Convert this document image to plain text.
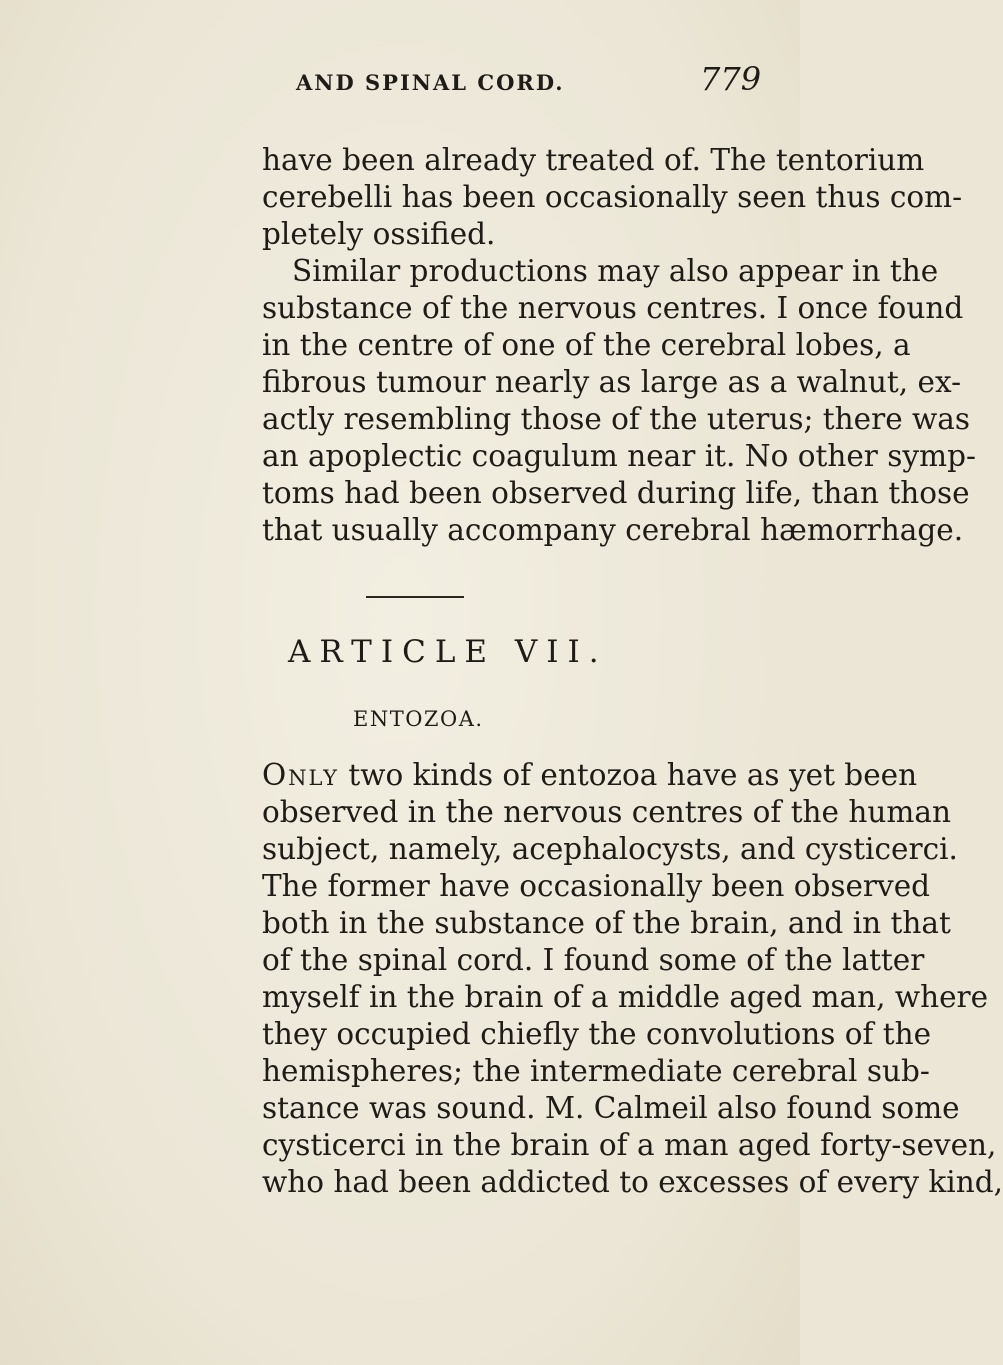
AND SPINAL CORD.	779
have been already treated of. The tentorium
cerebelli has been occasionally seen thus com-
pletely ossified.
Similar productions may also appear in the
substance of the nervous centres. I once found
in the centre of one of the cerebral lobes, a
fibrous tumour nearly as large as a walnut, ex-
actly resembling those of the uterus; there was
an apoplectic coagulum near it. No other symp-
toms had been observed during life, than those
that usually accompany cerebral hæmorrhage.
ARTICLE VII.
ENTOZOA.
Only two kinds of entozoa have as yet been
observed in the nervous centres of the human
subject, namely, acephalocysts, and cysticerci.
The former have occasionally been observed
both in the substance of the brain, and in that
of the spinal cord. I found some of the latter
myself in the brain of a middle aged man, where
they occupied chiefly the convolutions of the
hemispheres; the intermediate cerebral sub-
stance was sound. M. Calmeil also found some
cysticerci in the brain of a man aged forty-seven,
who had been addicted to excesses of every kind,
